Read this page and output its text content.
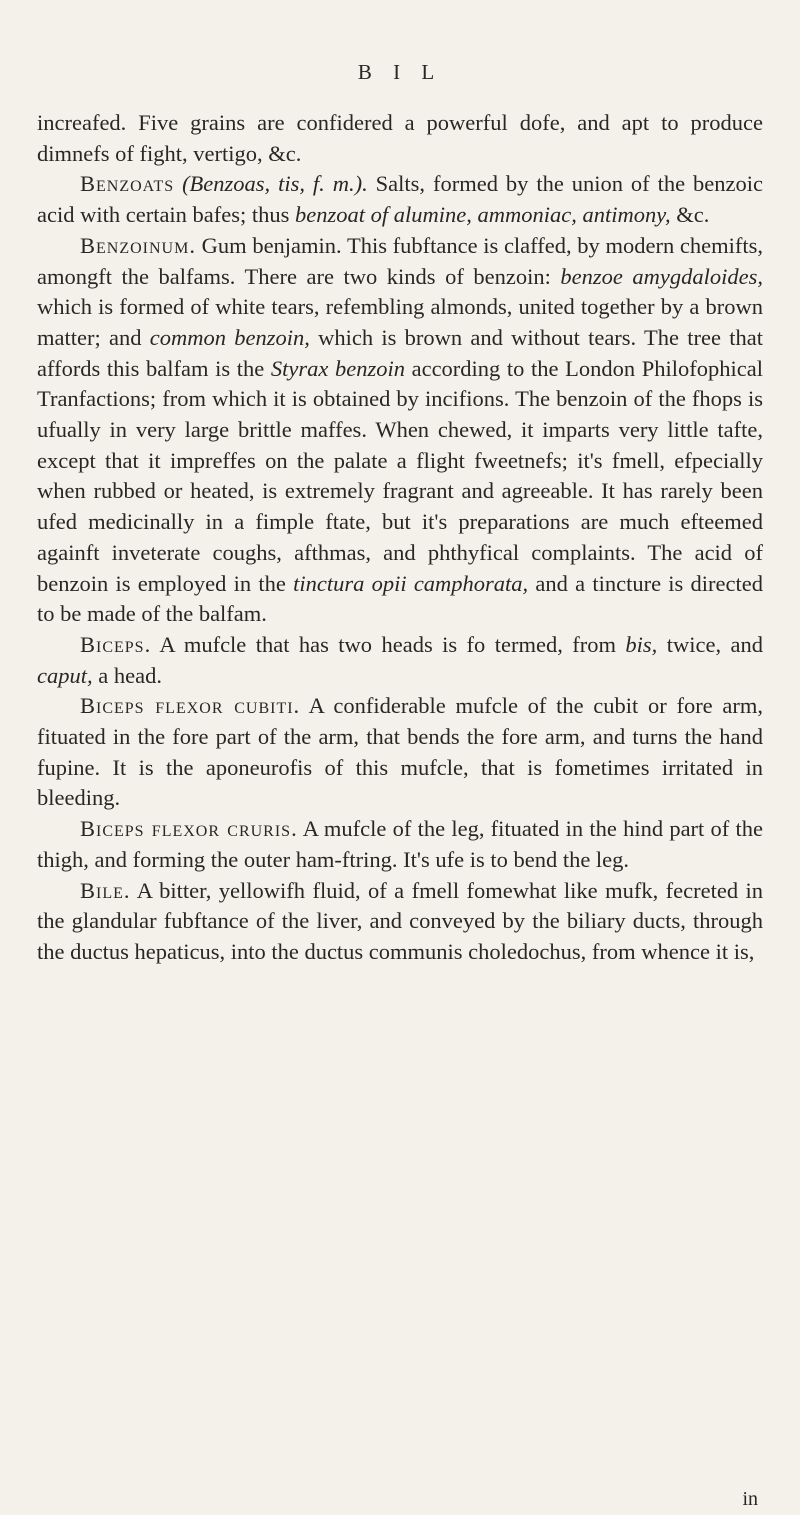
B I L

increafed. Five grains are confidered a powerful dofe, and apt to produce dimnefs of fight, vertigo, &c.

Benzoats (Benzoas, tis, f. m.). Salts, formed by the union of the benzoic acid with certain bafes; thus benzoat of alumine, ammoniac, antimony, &c.

Benzoinum. Gum benjamin. This fubftance is claffed, by modern chemifts, amongft the balfams. There are two kinds of benzoin: benzoe amygdaloides, which is formed of white tears, refembling almonds, united together by a brown matter; and common benzoin, which is brown and without tears. The tree that affords this balfam is the Styrax benzoin according to the London Philofophical Tranfactions; from which it is obtained by incifions. The benzoin of the fhops is ufually in very large brittle maffes. When chewed, it imparts very little tafte, except that it impreffes on the palate a flight fweetnefs; it's fmell, efpecially when rubbed or heated, is extremely fragrant and agreeable. It has rarely been ufed medicinally in a fimple ftate, but it's preparations are much efteemed againft inveterate coughs, afthmas, and phthyfical complaints. The acid of benzoin is employed in the tinctura opii camphorata, and a tincture is directed to be made of the balfam.

Biceps. A mufcle that has two heads is fo termed, from bis, twice, and caput, a head.

Biceps flexor cubiti. A confiderable mufcle of the cubit or fore arm, fituated in the fore part of the arm, that bends the fore arm, and turns the hand fupine. It is the aponeurofis of this mufcle, that is fometimes irritated in bleeding.

Biceps flexor cruris. A mufcle of the leg, fituated in the hind part of the thigh, and forming the outer ham-ftring. It's ufe is to bend the leg.

Bile. A bitter, yellowifh fluid, of a fmell fomewhat like mufk, fecreted in the glandular fubftance of the liver, and conveyed by the biliary ducts, through the ductus hepaticus, into the ductus communis choledochus, from whence it is,

in
